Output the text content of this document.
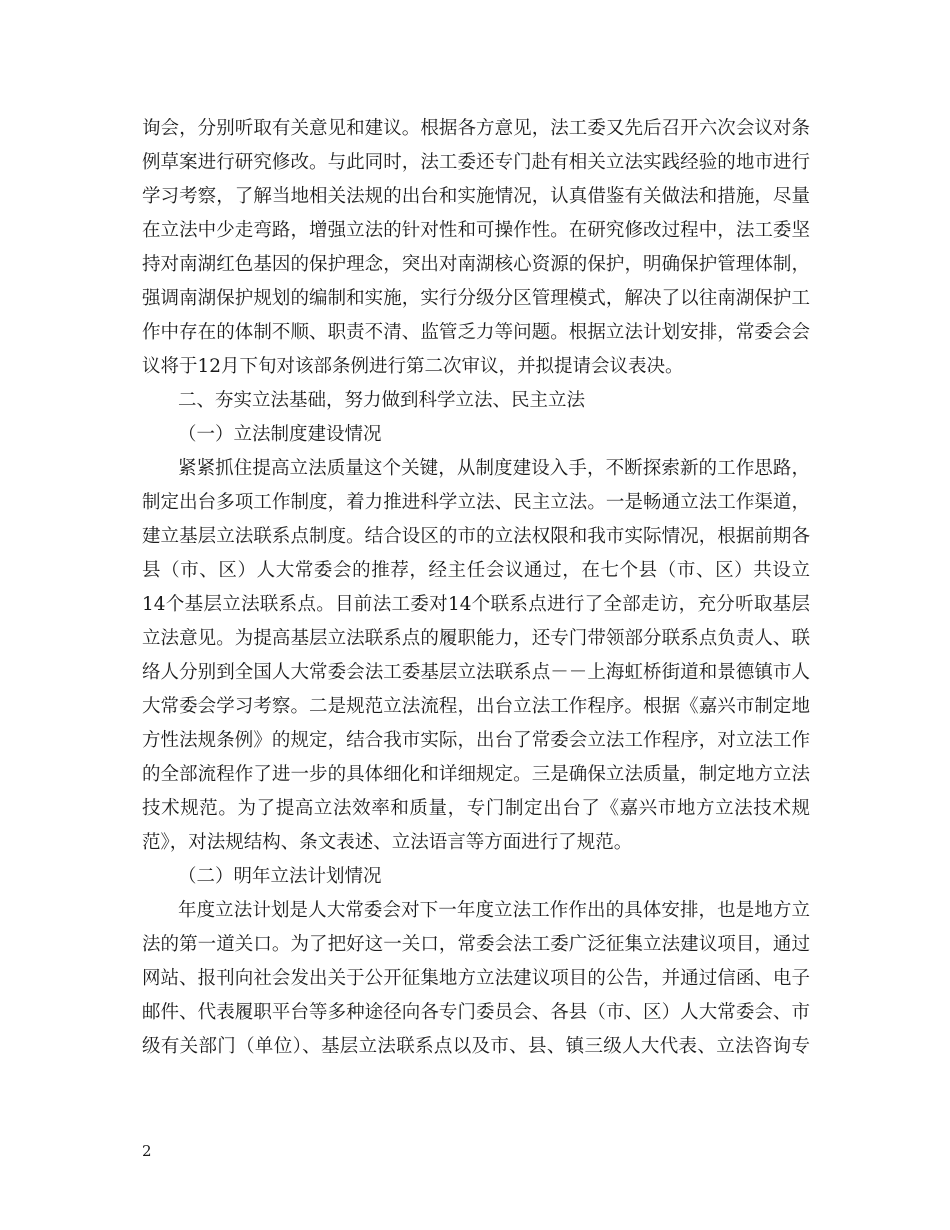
询会，分别听取有关意见和建议。根据各方意见，法工委又先后召开六次会议对条
例草案进行研究修改。与此同时，法工委还专门赴有相关立法实践经验的地市进行
学习考察，了解当地相关法规的出台和实施情况，认真借鉴有关做法和措施，尽量
在立法中少走弯路，增强立法的针对性和可操作性。在研究修改过程中，法工委坚
持对南湖红色基因的保护理念，突出对南湖核心资源的保护，明确保护管理体制，
强调南湖保护规划的编制和实施，实行分级分区管理模式，解决了以往南湖保护工
作中存在的体制不顺、职责不清、监管乏力等问题。根据立法计划安排，常委会会
议将于12月下旬对该部条例进行第二次审议，并拟提请会议表决。
二、夯实立法基础，努力做到科学立法、民主立法
（一）立法制度建设情况
紧紧抓住提高立法质量这个关键，从制度建设入手，不断探索新的工作思路，
制定出台多项工作制度，着力推进科学立法、民主立法。一是畅通立法工作渠道，
建立基层立法联系点制度。结合设区的市的立法权限和我市实际情况，根据前期各
县（市、区）人大常委会的推荐，经主任会议通过，在七个县（市、区）共设立
14个基层立法联系点。目前法工委对14个联系点进行了全部走访，充分听取基层
立法意见。为提高基层立法联系点的履职能力，还专门带领部分联系点负责人、联
络人分别到全国人大常委会法工委基层立法联系点－－上海虹桥街道和景德镇市人
大常委会学习考察。二是规范立法流程，出台立法工作程序。根据《嘉兴市制定地
方性法规条例》的规定，结合我市实际，出台了常委会立法工作程序，对立法工作
的全部流程作了进一步的具体细化和详细规定。三是确保立法质量，制定地方立法
技术规范。为了提高立法效率和质量，专门制定出台了《嘉兴市地方立法技术规
范》，对法规结构、条文表述、立法语言等方面进行了规范。
（二）明年立法计划情况
年度立法计划是人大常委会对下一年度立法工作作出的具体安排，也是地方立
法的第一道关口。为了把好这一关口，常委会法工委广泛征集立法建议项目，通过
网站、报刊向社会发出关于公开征集地方立法建议项目的公告，并通过信函、电子
邮件、代表履职平台等多种途径向各专门委员会、各县（市、区）人大常委会、市
级有关部门（单位）、基层立法联系点以及市、县、镇三级人大代表、立法咨询专
2
